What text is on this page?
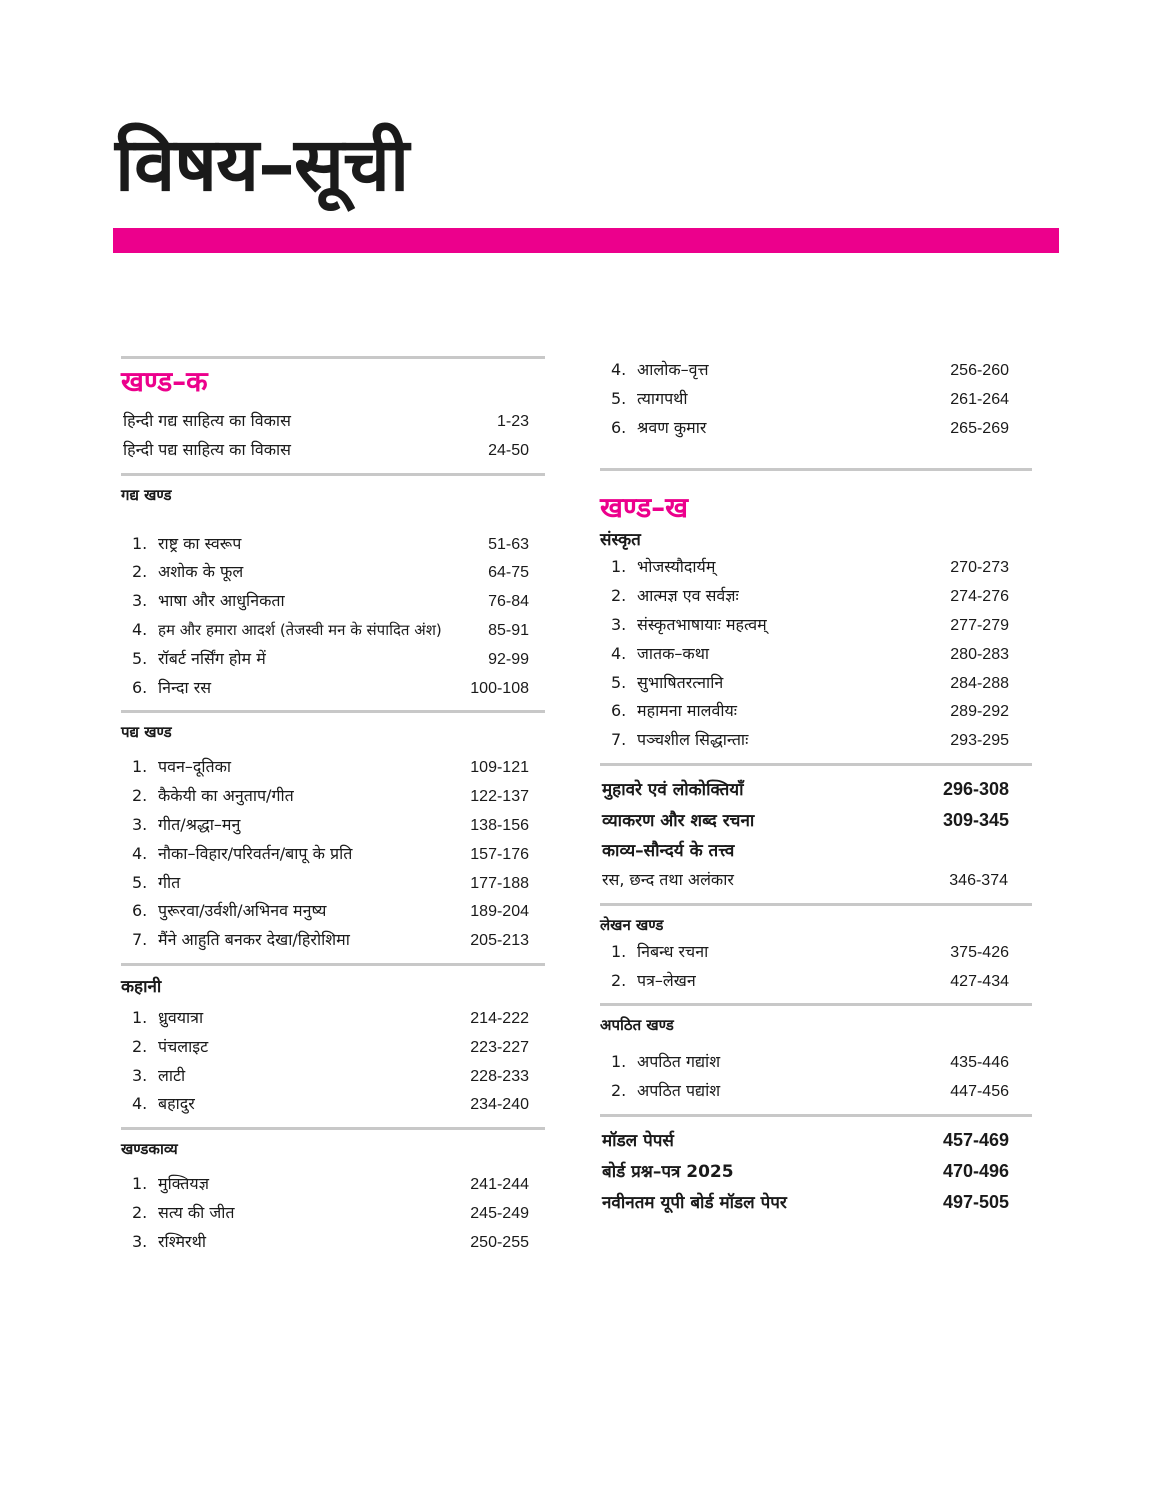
विषय–सूची
खण्ड–क
हिन्दी गद्य साहित्य का विकास	1-23
हिन्दी पद्य साहित्य का विकास	24-50
गद्य खण्ड
1. राष्ट्र का स्वरूप	51-63
2. अशोक के फूल	64-75
3. भाषा और आधुनिकता	76-84
4. हम और हमारा आदर्श (तेजस्वी मन के संपादित अंश)	85-91
5. रॉबर्ट नर्सिंग होम में	92-99
6. निन्दा रस	100-108
पद्य खण्ड
1. पवन–दूतिका	109-121
2. कैकेयी का अनुताप/गीत	122-137
3. गीत/श्रद्धा–मनु	138-156
4. नौका–विहार/परिवर्तन/बापू के प्रति	157-176
5. गीत	177-188
6. पुरूरवा/उर्वशी/अभिनव मनुष्य	189-204
7. मैंने आहुति बनकर देखा/हिरोशिमा	205-213
कहानी
1. ध्रुवयात्रा	214-222
2. पंचलाइट	223-227
3. लाटी	228-233
4. बहादुर	234-240
खण्डकाव्य
1. मुक्तियज्ञ	241-244
2. सत्य की जीत	245-249
3. रश्मिरथी	250-255
4. आलोक–वृत्त	256-260
5. त्यागपथी	261-264
6. श्रवण कुमार	265-269
खण्ड–ख
संस्कृत
1. भोजस्यौदार्यम्	270-273
2. आत्मज्ञ एव सर्वज्ञः	274-276
3. संस्कृतभाषायाः महत्वम्	277-279
4. जातक–कथा	280-283
5. सुभाषितरत्नानि	284-288
6. महामना मालवीयः	289-292
7. पञ्चशील सिद्धान्ताः	293-295
मुहावरे एवं लोकोक्तियाँ	296-308
व्याकरण और शब्द रचना	309-345
काव्य–सौन्दर्य के तत्त्व
रस, छन्द तथा अलंकार	346-374
लेखन खण्ड
1. निबन्ध रचना	375-426
2. पत्र–लेखन	427-434
अपठित खण्ड
1. अपठित गद्यांश	435-446
2. अपठित पद्यांश	447-456
मॉडल पेपर्स	457-469
बोर्ड प्रश्न–पत्र 2025	470-496
नवीनतम यूपी बोर्ड मॉडल पेपर	497-505
